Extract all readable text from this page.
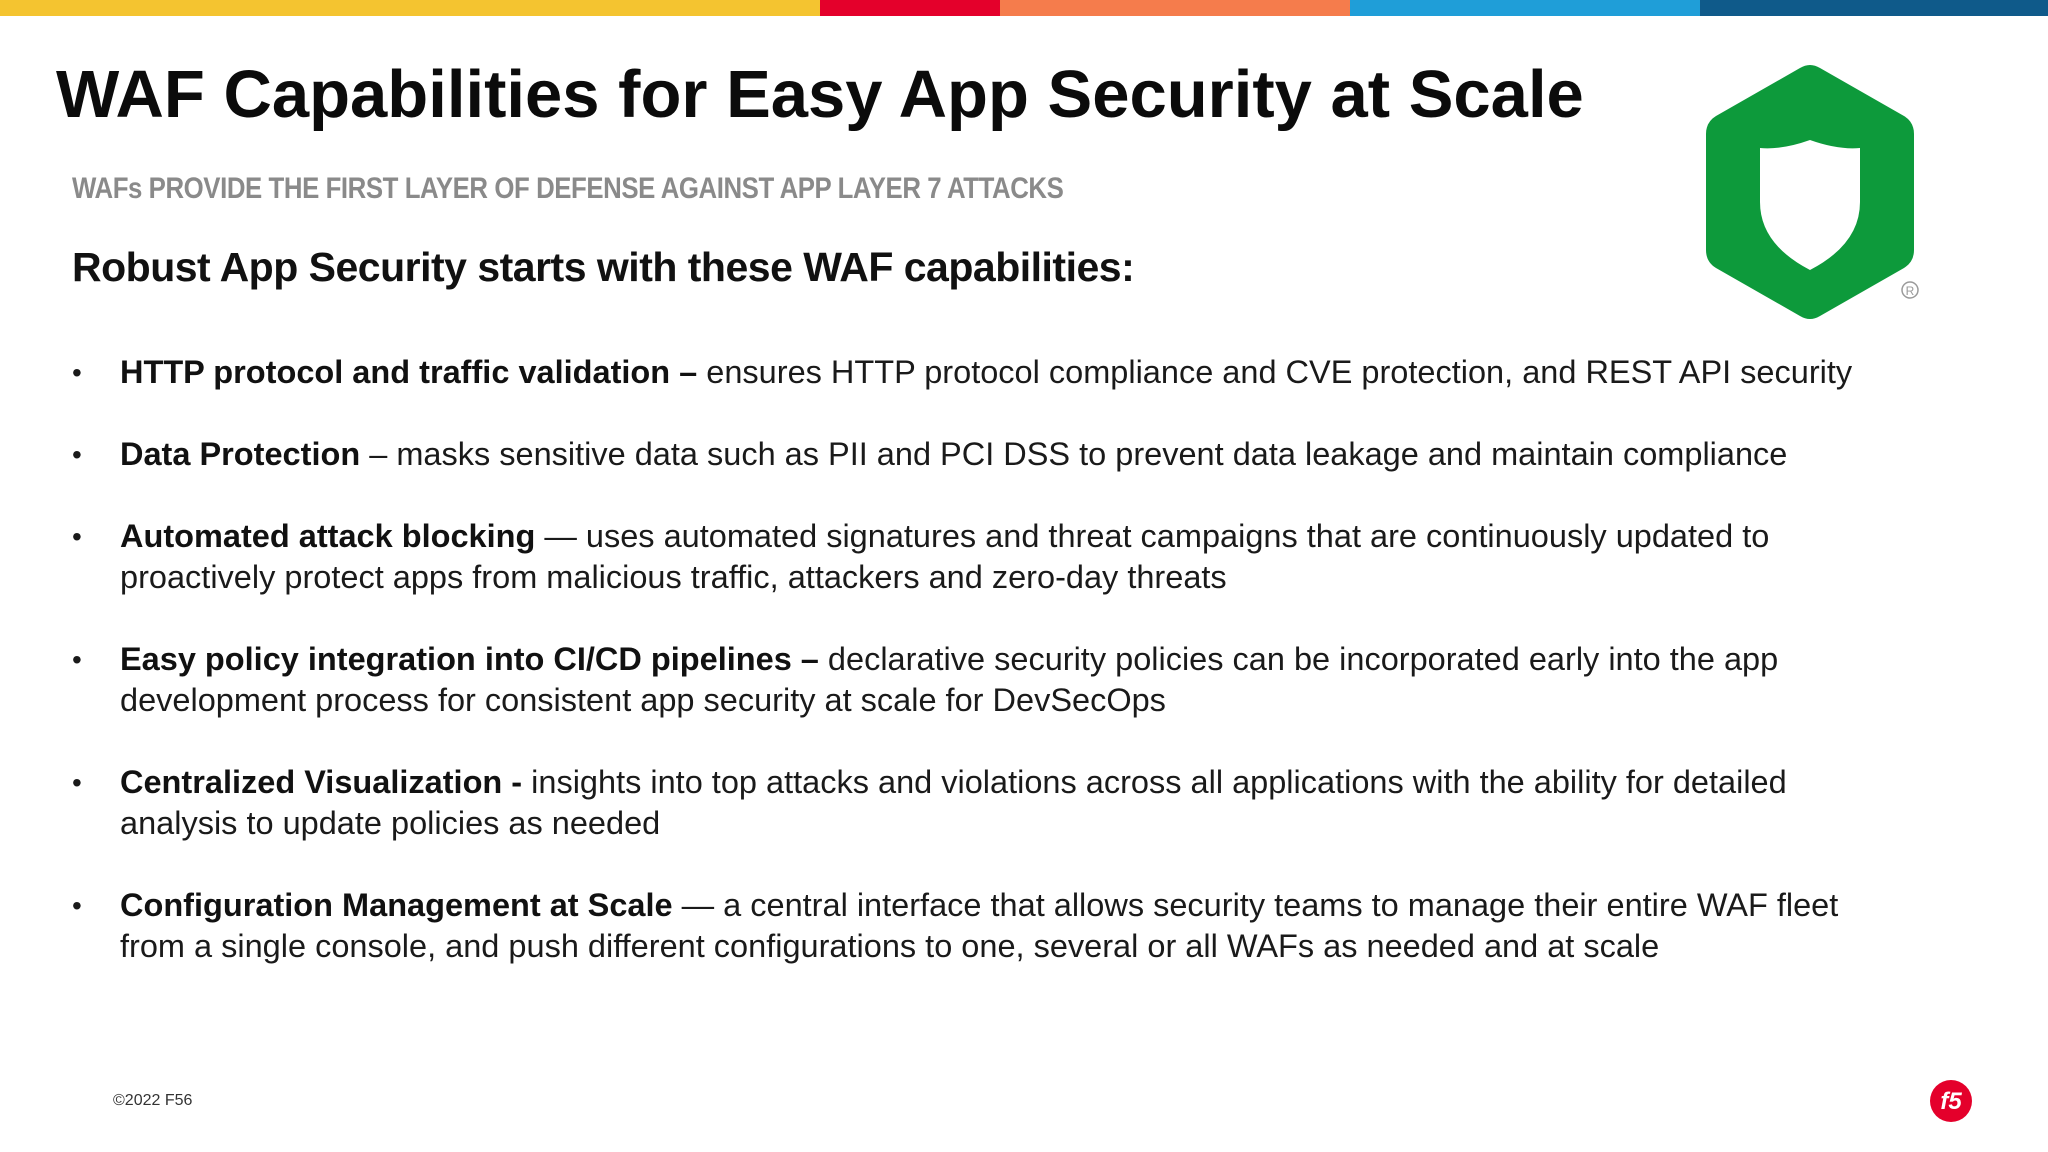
WAF Capabilities for Easy App Security at Scale
WAFs PROVIDE THE FIRST LAYER OF DEFENSE AGAINST APP LAYER 7 ATTACKS
Robust App Security starts with these WAF capabilities:
R
•	HTTP protocol and traffic validation – ensures HTTP protocol compliance and CVE protection, and REST API security
•	Data Protection – masks sensitive data such as PII and PCI DSS to prevent data leakage and maintain compliance
•	Automated attack blocking — uses automated signatures and threat campaigns that are continuously updated to proactively protect apps from malicious traffic, attackers and zero-day threats
•	Easy policy integration into CI/CD pipelines – declarative security policies can be incorporated early into the app development process for consistent app security at scale for DevSecOps
•	Centralized Visualization - insights into top attacks and violations across all applications with the ability for detailed analysis to update policies as needed
•	Configuration Management at Scale — a central interface that allows security teams to manage their entire WAF fleet from a single console, and push different configurations to one, several or all WAFs as needed and at scale
©2022 F56	f5
